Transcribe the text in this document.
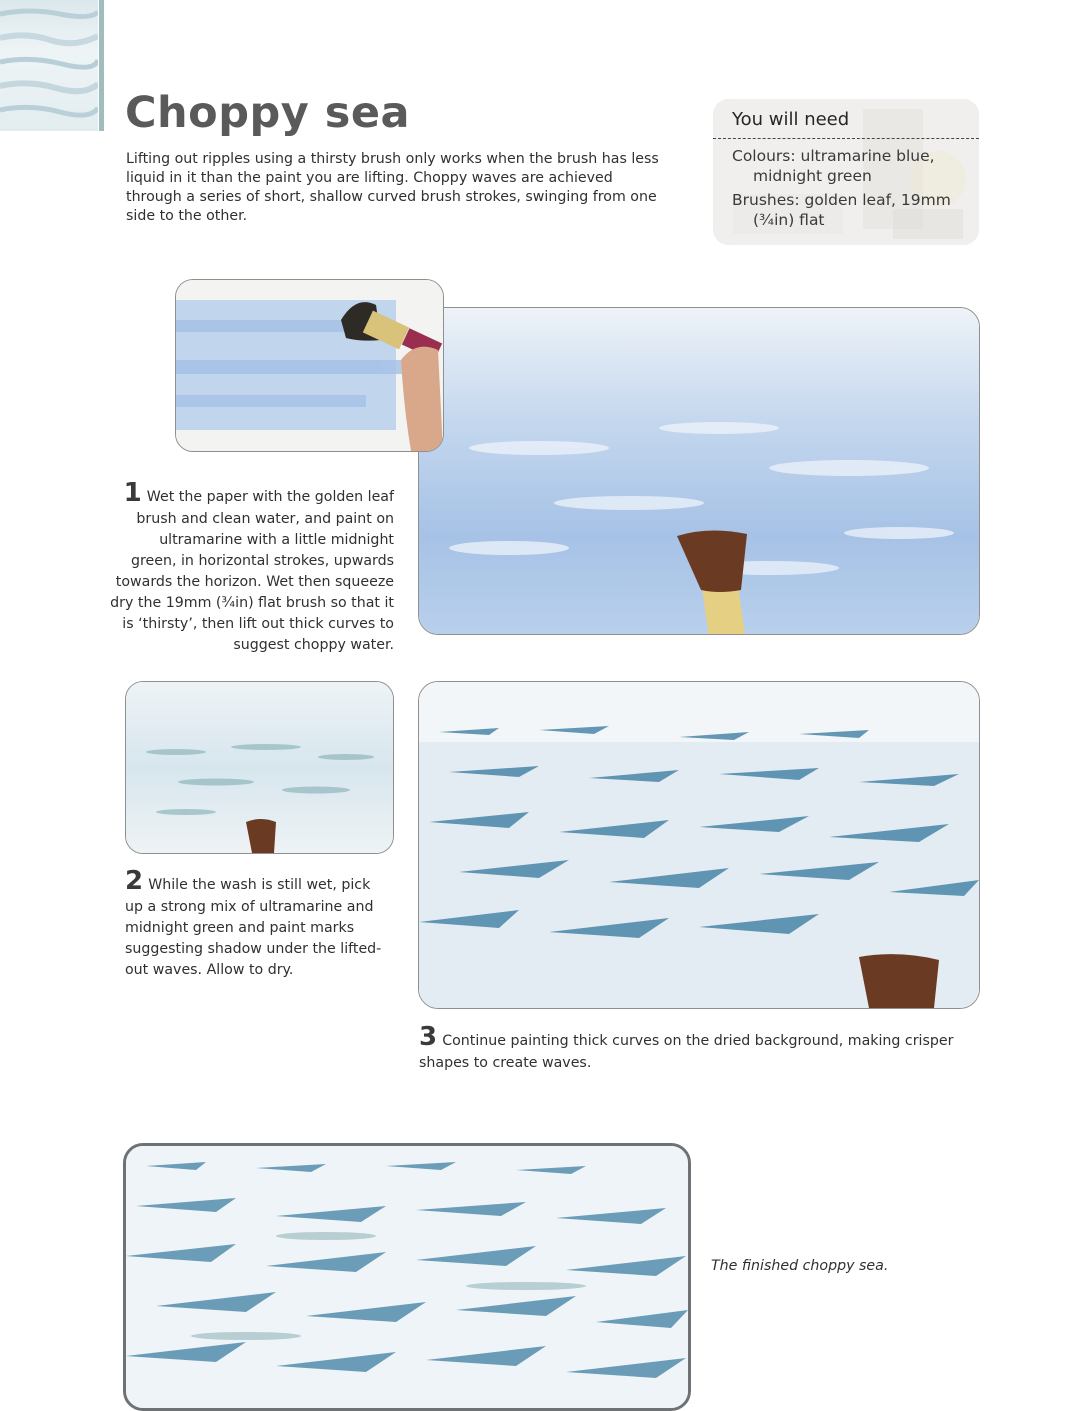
Choppy sea

Lifting out ripples using a thirsty brush only works when the brush has less liquid in it than the paint you are lifting. Choppy waves are achieved through a series of short, shallow curved brush strokes, swinging from one side to the other.

You will need
Colours: ultramarine blue,
midnight green
Brushes: golden leaf, 19mm
(¾in) flat
1 Wet the paper with the golden leaf brush and clean water, and paint on ultramarine with a little midnight green, in horizontal strokes, upwards towards the horizon. Wet then squeeze dry the 19mm (¾in) flat brush so that it is ‘thirsty’, then lift out thick curves to suggest choppy water.
2 While the wash is still wet, pick up a strong mix of ultramarine and midnight green and paint marks suggesting shadow under the lifted-out waves. Allow to dry.
3 Continue painting thick curves on the dried background, making crisper shapes to create waves.
The finished choppy sea.
